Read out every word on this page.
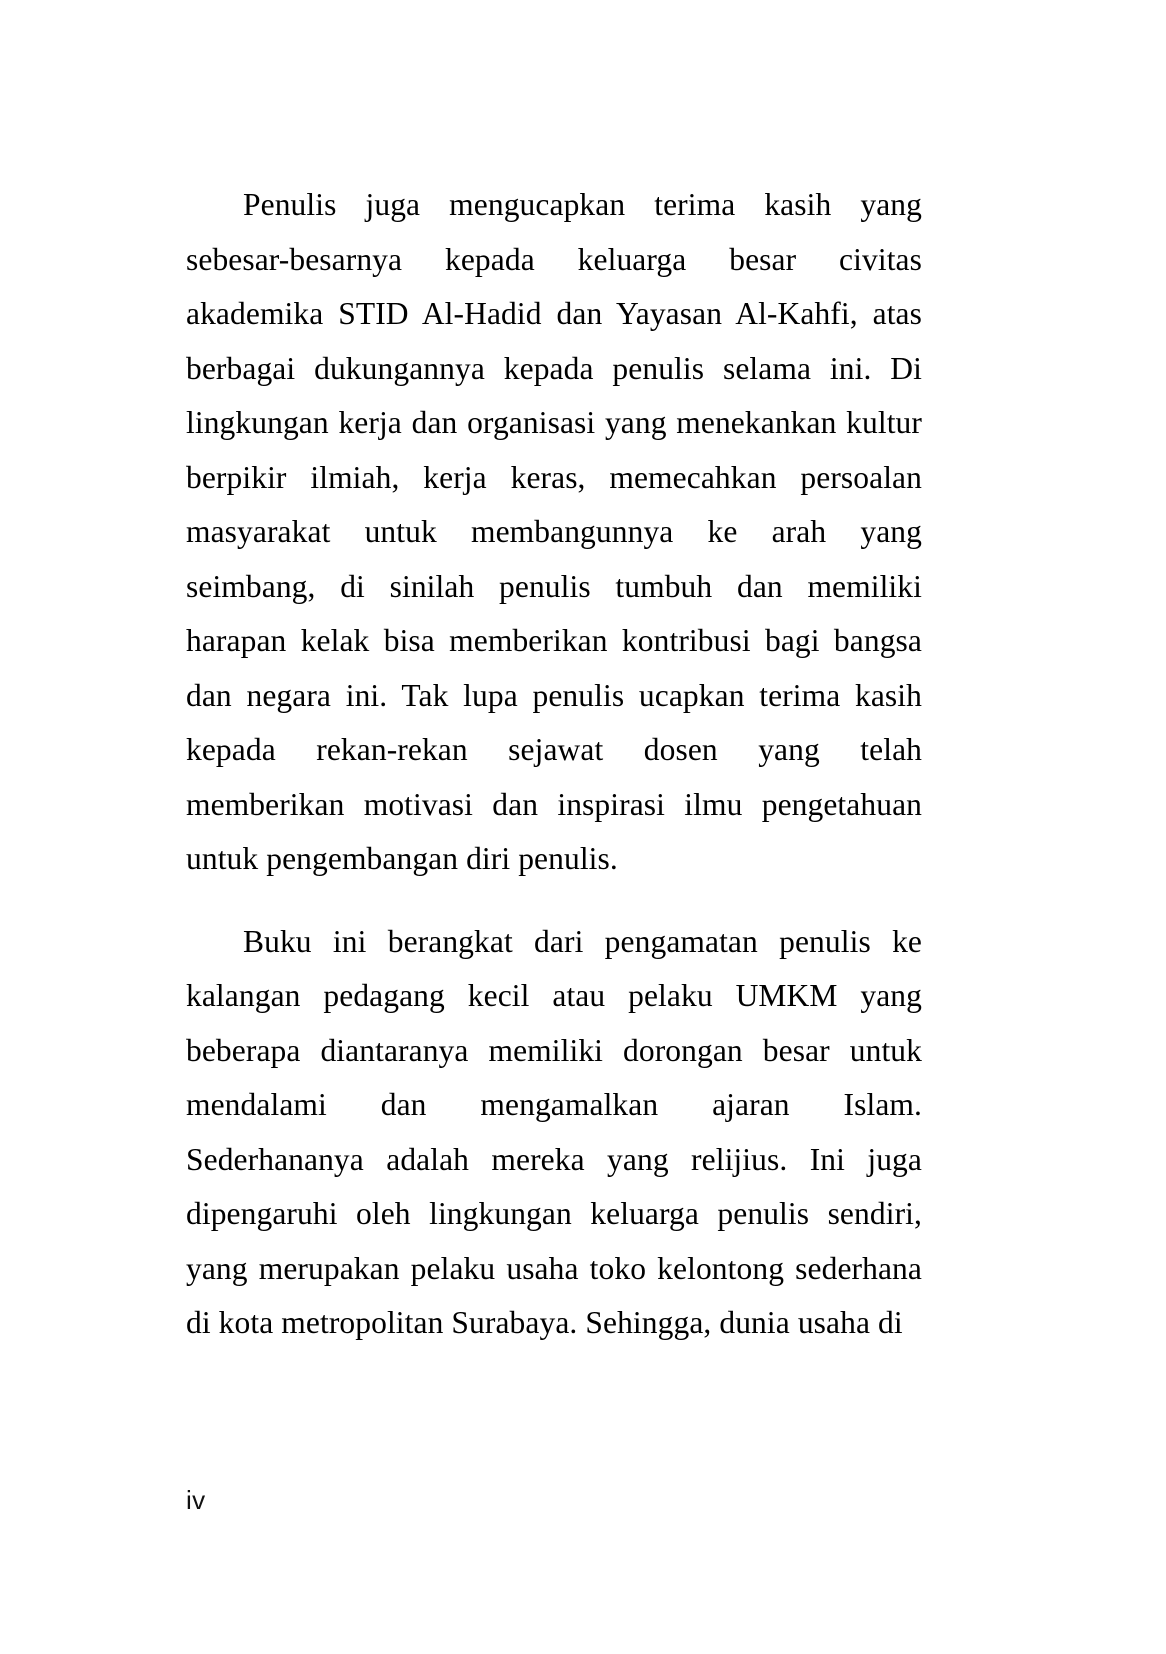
Penulis juga mengucapkan terima kasih yang sebesar-besarnya kepada keluarga besar civitas akademika STID Al-Hadid dan Yayasan Al-Kahfi, atas berbagai dukungannya kepada penulis selama ini. Di lingkungan kerja dan organisasi yang menekankan kultur berpikir ilmiah, kerja keras, memecahkan persoalan masyarakat untuk membangunnya ke arah yang seimbang, di sinilah penulis tumbuh dan memiliki harapan kelak bisa memberikan kontribusi bagi bangsa dan negara ini. Tak lupa penulis ucapkan terima kasih kepada rekan-rekan sejawat dosen yang telah memberikan motivasi dan inspirasi ilmu pengetahuan untuk pengembangan diri penulis.

Buku ini berangkat dari pengamatan penulis ke kalangan pedagang kecil atau pelaku UMKM yang beberapa diantaranya memiliki dorongan besar untuk mendalami dan mengamalkan ajaran Islam. Sederhananya adalah mereka yang relijius. Ini juga dipengaruhi oleh lingkungan keluarga penulis sendiri, yang merupakan pelaku usaha toko kelontong sederhana di kota metropolitan Surabaya. Sehingga, dunia usaha di

iv
